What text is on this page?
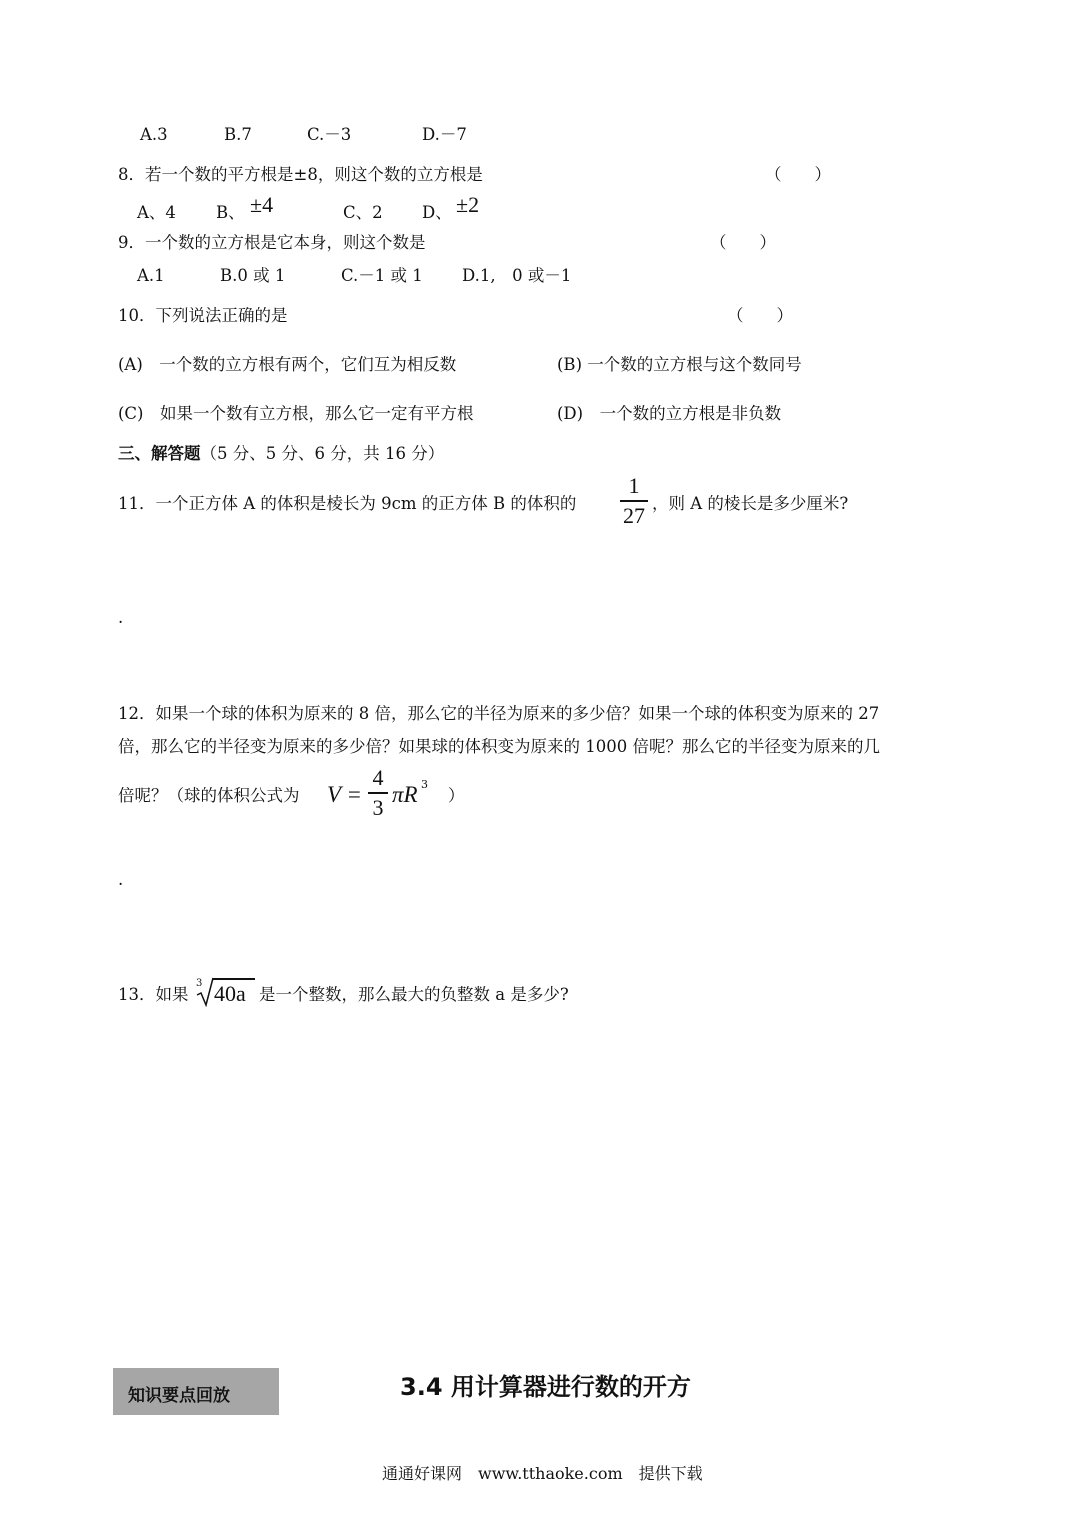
A.3	B.7	C.－3	D.－7
8．若一个数的平方根是±8，则这个数的立方根是	（　　）
A、4 B、 ±4	C、2 D、 ±2
9．一个数的立方根是它本身，则这个数是	（　　）
A.1	B.0 或 1	C.－1 或 1 D.1,　0 或－1
10．下列说法正确的是	（　　）
(A)　一个数的立方根有两个，它们互为相反数	(B) 一个数的立方根与这个数同号
(C)　如果一个数有立方根，那么它一定有平方根	(D)　一个数的立方根是非负数
三、解答题（5 分、5 分、6 分，共 16 分）
11．一个正方体 A 的体积是棱长为 9cm 的正方体 B 的体积的
1
27 ，则 A 的棱长是多少厘米?
.
12．如果一个球的体积为原来的 8 倍，那么它的半径为原来的多少倍？如果一个球的体积变为原来的 27
倍，那么它的半径变为原来的多少倍？如果球的体积变为原来的 1000 倍呢？那么它的半径变为原来的几
倍呢？（球的体积公式为 V =
4
3 πR 3
）
.
13．如果
3 40a 是一个整数，那么最大的负整数 a 是多少?
知识要点回放	3.4 用计算器进行数的开方
通通好课网　www.tthaoke.com　提供下载
